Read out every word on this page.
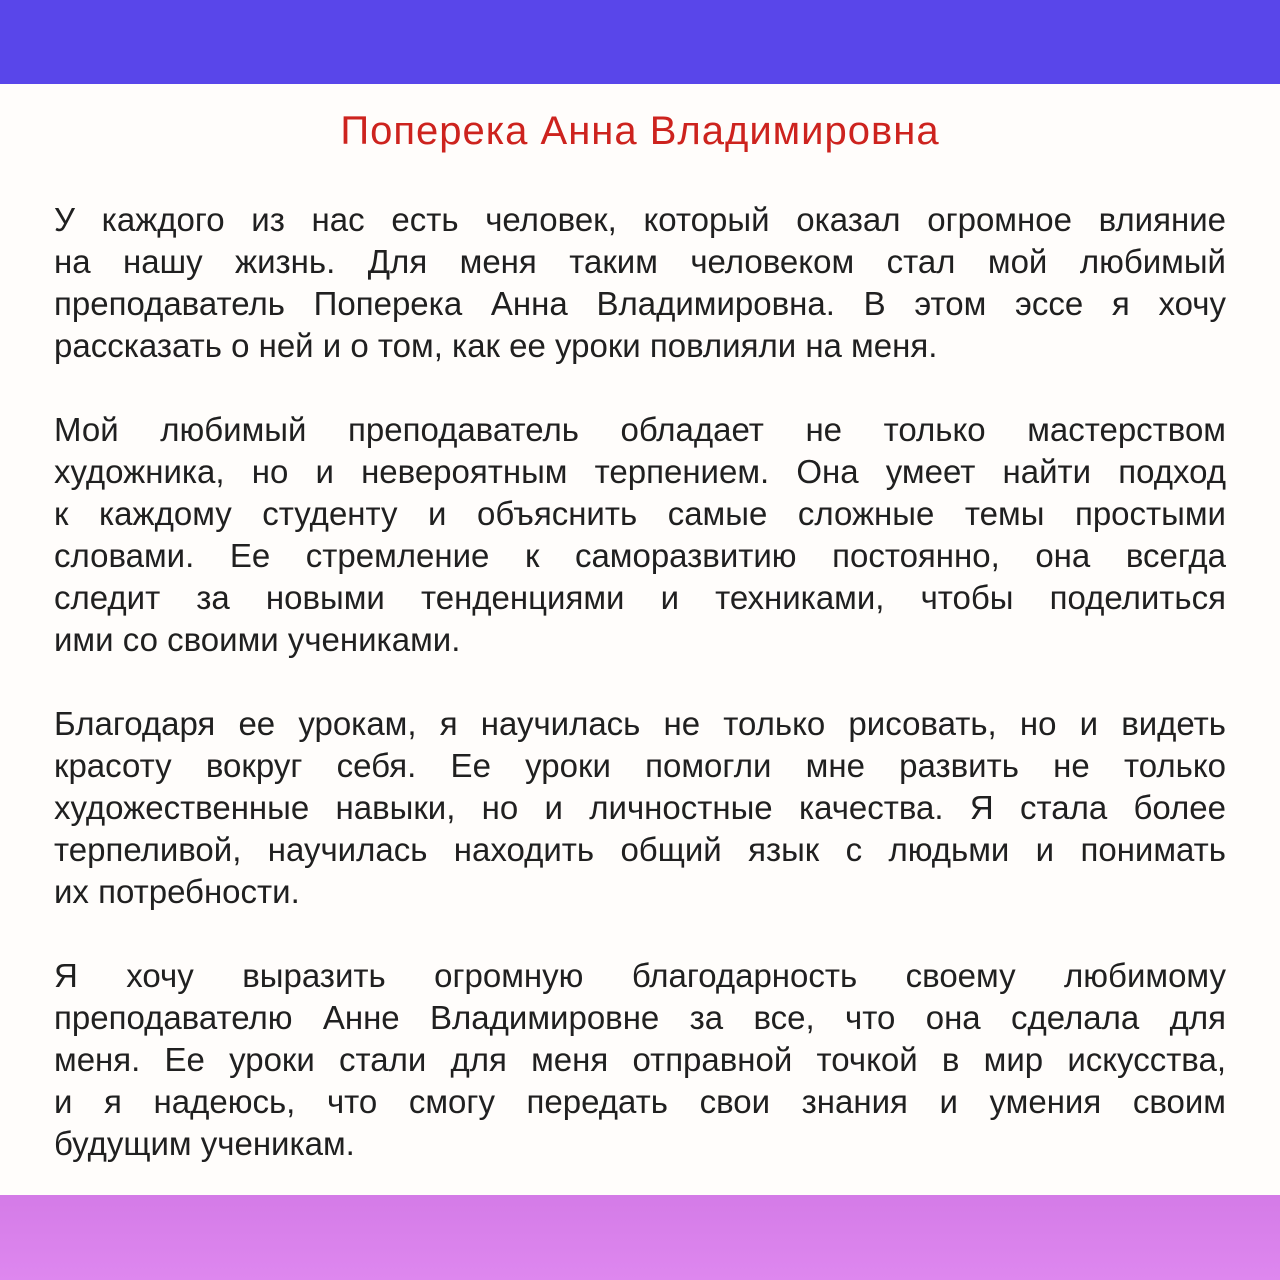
Поперека Анна Владимировна

У каждого из нас есть человек, который оказал огромное влияние
на нашу жизнь. Для меня таким человеком стал мой любимый
преподаватель Поперека Анна Владимировна. В этом эссе я хочу
рассказать о ней и о том, как ее уроки повлияли на меня.

Мой любимый преподаватель обладает не только мастерством
художника, но и невероятным терпением. Она умеет найти подход
к каждому студенту и объяснить самые сложные темы простыми
словами. Ее стремление к саморазвитию постоянно, она всегда
следит за новыми тенденциями и техниками, чтобы поделиться
ими со своими учениками.

Благодаря ее урокам, я научилась не только рисовать, но и видеть
красоту вокруг себя. Ее уроки помогли мне развить не только
художественные навыки, но и личностные качества. Я стала более
терпеливой, научилась находить общий язык с людьми и понимать
их потребности.

Я хочу выразить огромную благодарность своему любимому
преподавателю Анне Владимировне за все, что она сделала для
меня. Ее уроки стали для меня отправной точкой в мир искусства,
и я надеюсь, что смогу передать свои знания и умения своим
будущим ученикам.
